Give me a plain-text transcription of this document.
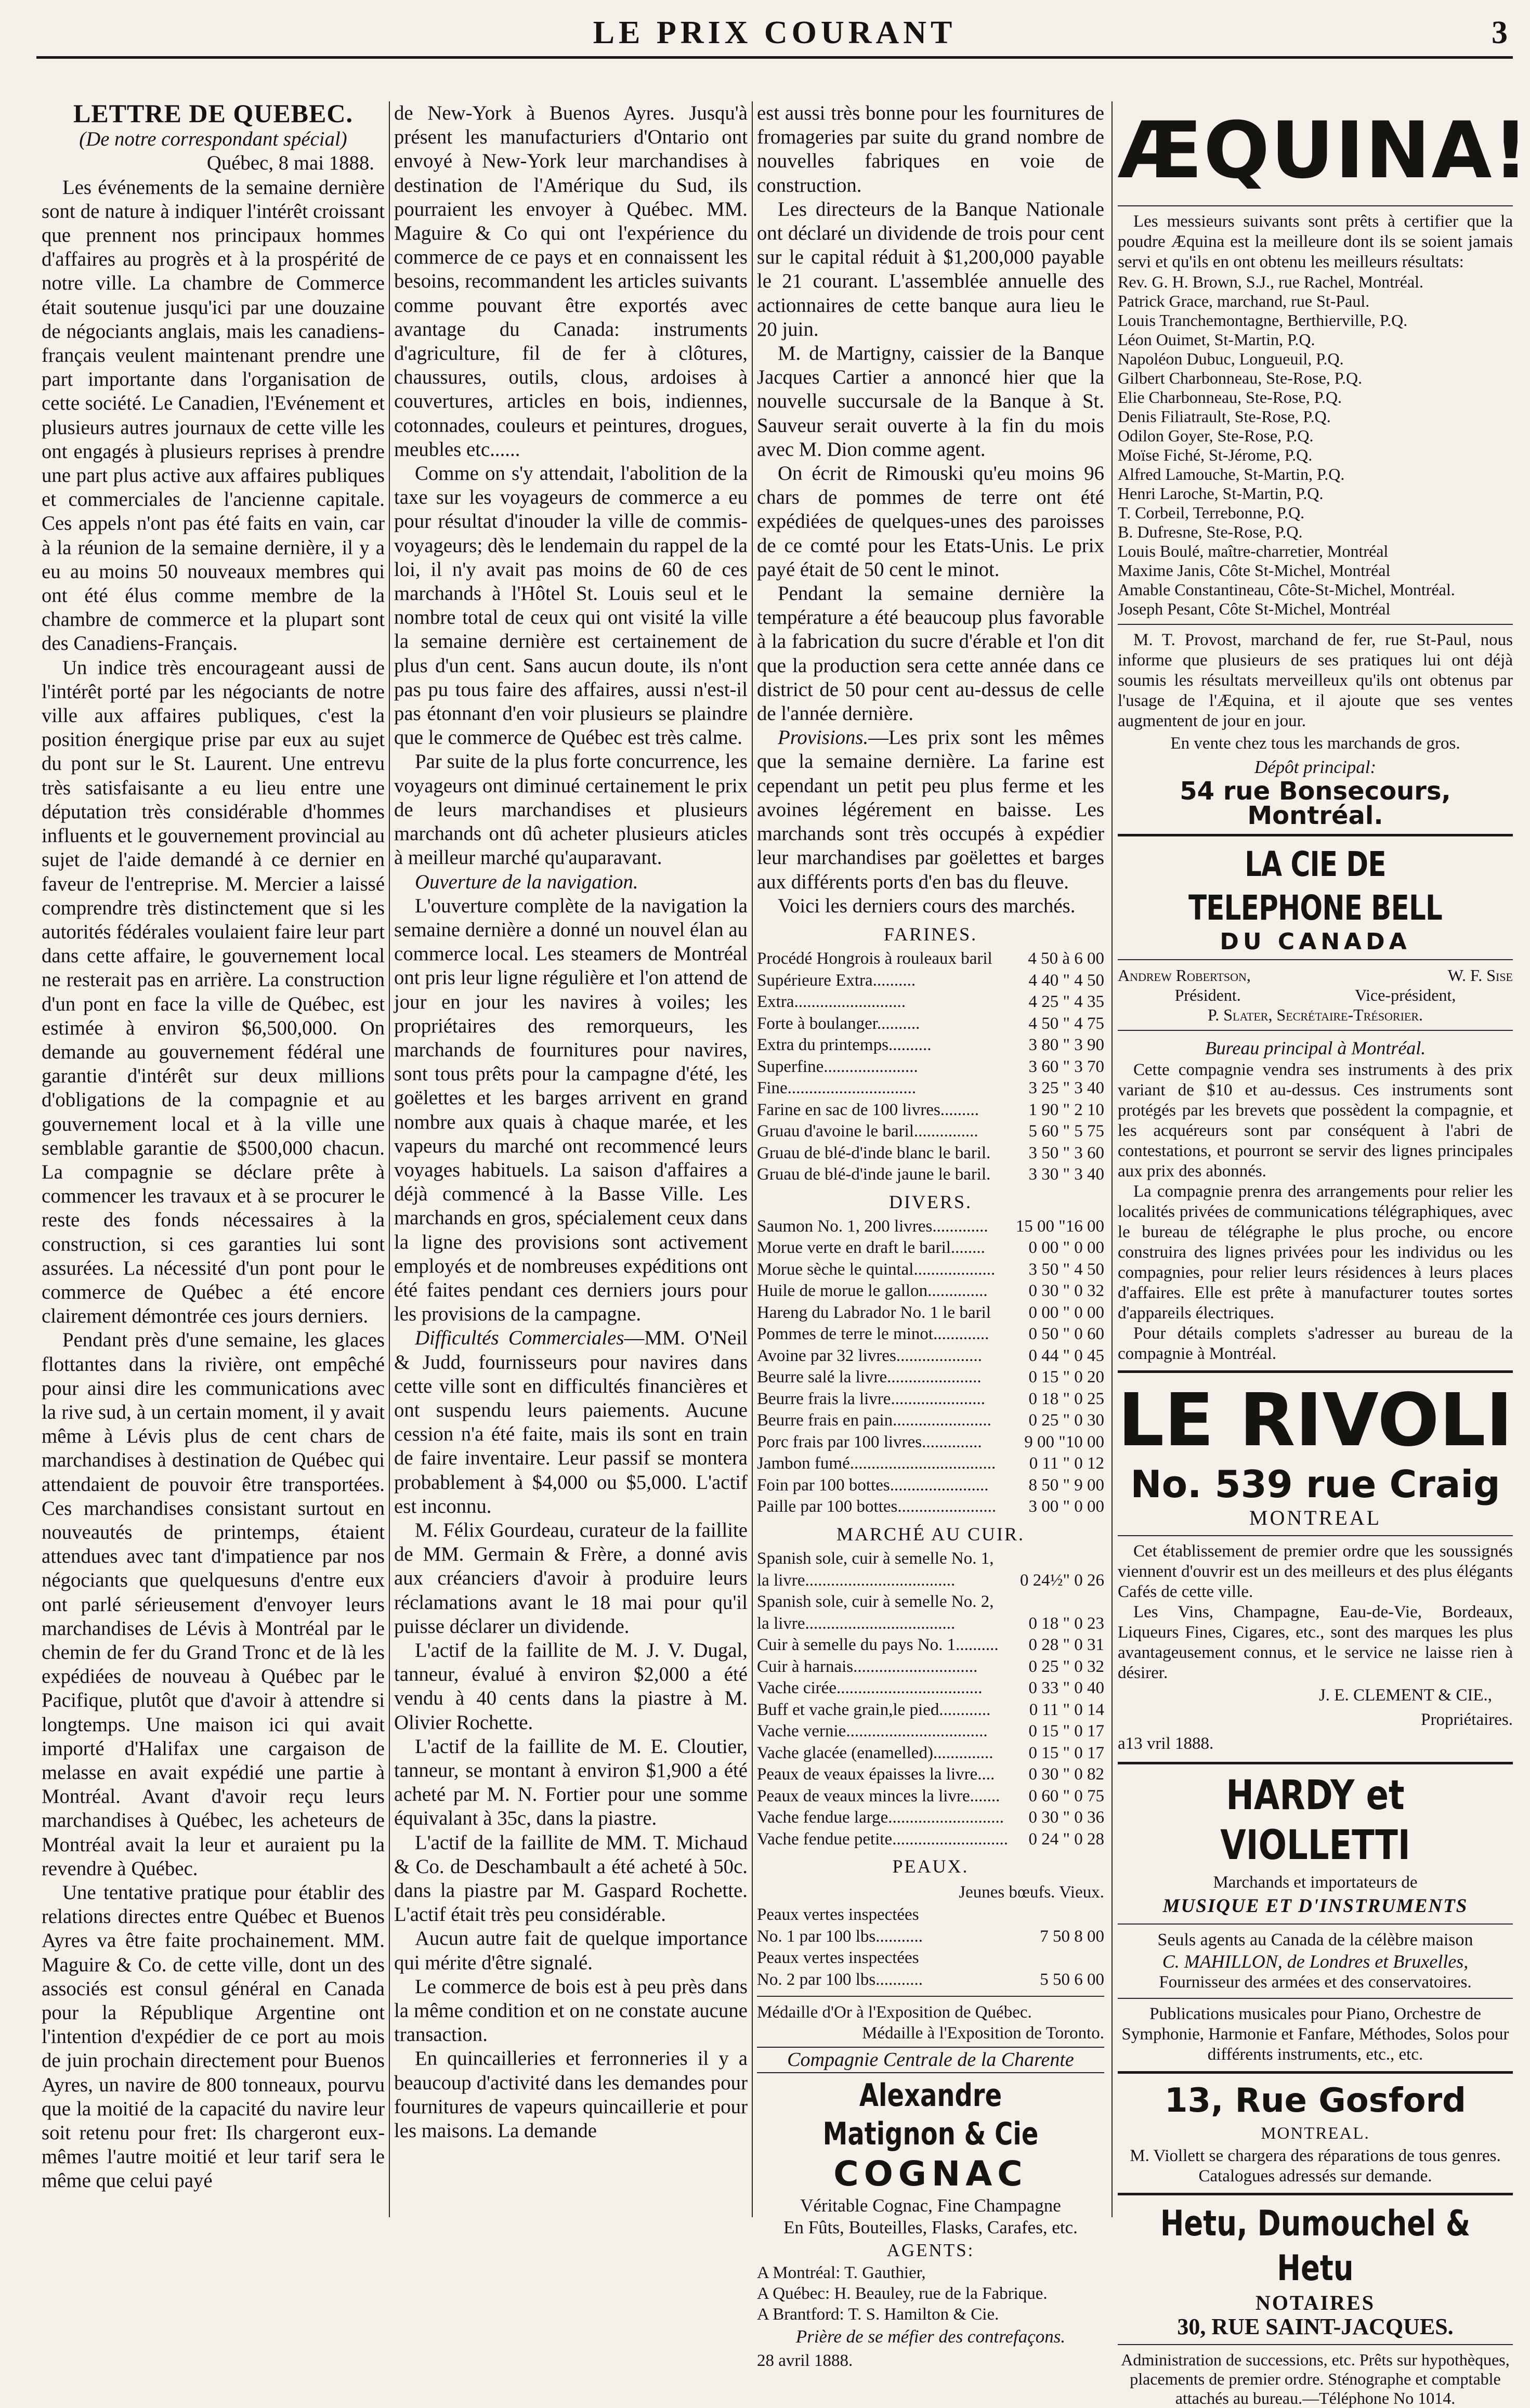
LE PRIX COURANT	3
LETTRE DE QUEBEC.
(De notre correspondant spécial)
Québec, 8 mai 1888.

Les événements de la semaine dernière sont de nature à indiquer l'intérêt croissant que prennent nos principaux hommes d'affaires au progrès et à la prospérité de notre ville. La chambre de Commerce était soutenue jusqu'ici par une douzaine de négociants anglais, mais les canadiens-français veulent maintenant prendre une part importante dans l'organisation de cette société. Le Canadien, l'Evénement et plusieurs autres journaux de cette ville les ont engagés à plusieurs reprises à prendre une part plus active aux affaires publiques et commerciales de l'ancienne capitale. Ces appels n'ont pas été faits en vain, car à la réunion de la semaine dernière, il y a eu au moins 50 nouveaux membres qui ont été élus comme membre de la chambre de commerce et la plupart sont des Canadiens-Français.

Un indice très encourageant aussi de l'intérêt porté par les négociants de notre ville aux affaires publiques, c'est la position énergique prise par eux au sujet du pont sur le St. Laurent. Une entrevu très satisfaisante a eu lieu entre une députation très considérable d'hommes influents et le gouvernement provincial au sujet de l'aide demandé à ce dernier en faveur de l'entreprise. M. Mercier a laissé comprendre très distinctement que si les autorités fédérales voulaient faire leur part dans cette affaire, le gouvernement local ne resterait pas en arrière. La construction d'un pont en face la ville de Québec, est estimée à environ $6,500,000. On demande au gouvernement fédéral une garantie d'intérêt sur deux millions d'obligations de la compagnie et au gouvernement local et à la ville une semblable garantie de $500,000 chacun. La compagnie se déclare prête à commencer les travaux et à se procurer le reste des fonds nécessaires à la construction, si ces garanties lui sont assurées. La nécessité d'un pont pour le commerce de Québec a été encore clairement démontrée ces jours derniers.

Pendant près d'une semaine, les glaces flottantes dans la rivière, ont empêché pour ainsi dire les communications avec la rive sud, à un certain moment, il y avait même à Lévis plus de cent chars de marchandises à destination de Québec qui attendaient de pouvoir être transportées. Ces marchandises consistant surtout en nouveautés de printemps, étaient attendues avec tant d'impatience par nos négociants que quelquesuns d'entre eux ont parlé sérieusement d'envoyer leurs marchandises de Lévis à Montréal par le chemin de fer du Grand Tronc et de là les expédiées de nouveau à Québec par le Pacifique, plutôt que d'avoir à attendre si longtemps. Une maison ici qui avait importé d'Halifax une cargaison de melasse en avait expédié une partie à Montréal. Avant d'avoir reçu leurs marchandises à Québec, les acheteurs de Montréal avait la leur et auraient pu la revendre à Québec.

Une tentative pratique pour établir des relations directes entre Québec et Buenos Ayres va être faite prochainement. MM. Maguire & Co. de cette ville, dont un des associés est consul général en Canada pour la République Argentine ont l'intention d'expédier de ce port au mois de juin prochain directement pour Buenos Ayres, un navire de 800 tonneaux, pourvu que la moitié de la capacité du navire leur soit retenu pour fret: Ils chargeront eux-mêmes l'autre moitié et leur tarif sera le même que celui payé

de New-York à Buenos Ayres. Jusqu'à présent les manufacturiers d'Ontario ont envoyé à New-York leur marchandises à destination de l'Amérique du Sud, ils pourraient les envoyer à Québec. MM. Maguire & Co qui ont l'expérience du commerce de ce pays et en connaissent les besoins, recommandent les articles suivants comme pouvant être exportés avec avantage du Canada: instruments d'agriculture, fil de fer à clôtures, chaussures, outils, clous, ardoises à couvertures, articles en bois, indiennes, cotonnades, couleurs et peintures, drogues, meubles etc......

Comme on s'y attendait, l'abolition de la taxe sur les voyageurs de commerce a eu pour résultat d'inouder la ville de commis-voyageurs; dès le lendemain du rappel de la loi, il n'y avait pas moins de 60 de ces marchands à l'Hôtel St. Louis seul et le nombre total de ceux qui ont visité la ville la semaine dernière est certainement de plus d'un cent. Sans aucun doute, ils n'ont pas pu tous faire des affaires, aussi n'est-il pas étonnant d'en voir plusieurs se plaindre que le commerce de Québec est très calme.

Par suite de la plus forte concurrence, les voyageurs ont diminué certainement le prix de leurs marchandises et plusieurs marchands ont dû acheter plusieurs aticles à meilleur marché qu'auparavant.

Ouverture de la navigation.

L'ouverture complète de la navigation la semaine dernière a donné un nouvel élan au commerce local. Les steamers de Montréal ont pris leur ligne régulière et l'on attend de jour en jour les navires à voiles; les propriétaires des remorqueurs, les marchands de fournitures pour navires, sont tous prêts pour la campagne d'été, les goëlettes et les barges arrivent en grand nombre aux quais à chaque marée, et les vapeurs du marché ont recommencé leurs voyages habituels. La saison d'affaires a déjà commencé à la Basse Ville. Les marchands en gros, spécialement ceux dans la ligne des provisions sont activement employés et de nombreuses expéditions ont été faites pendant ces derniers jours pour les provisions de la campagne.

Difficultés Commerciales—MM. O'Neil & Judd, fournisseurs pour navires dans cette ville sont en difficultés financières et ont suspendu leurs paiements. Aucune cession n'a été faite, mais ils sont en train de faire inventaire. Leur passif se montera probablement à $4,000 ou $5,000. L'actif est inconnu.

M. Félix Gourdeau, curateur de la faillite de MM. Germain & Frère, a donné avis aux créanciers d'avoir à produire leurs réclamations avant le 18 mai pour qu'il puisse déclarer un dividende.

L'actif de la faillite de M. J. V. Dugal, tanneur, évalué à environ $2,000 a été vendu à 40 cents dans la piastre à M. Olivier Rochette.

L'actif de la faillite de M. E. Cloutier, tanneur, se montant à environ $1,900 a été acheté par M. N. Fortier pour une somme équivalant à 35c, dans la piastre.

L'actif de la faillite de MM. T. Michaud & Co. de Deschambault a été acheté à 50c. dans la piastre par M. Gaspard Rochette. L'actif était très peu considérable.

Aucun autre fait de quelque importance qui mérite d'être signalé.

Le commerce de bois est à peu près dans la même condition et on ne constate aucune transaction.

En quincailleries et ferronneries il y a beaucoup d'activité dans les demandes pour fournitures de vapeurs quincaillerie et pour les maisons. La demande

est aussi très bonne pour les fournitures de fromageries par suite du grand nombre de nouvelles fabriques en voie de construction.

Les directeurs de la Banque Nationale ont déclaré un dividende de trois pour cent sur le capital réduit à $1,200,000 payable le 21 courant. L'assemblée annuelle des actionnaires de cette banque aura lieu le 20 juin.

M. de Martigny, caissier de la Banque Jacques Cartier a annoncé hier que la nouvelle succursale de la Banque à St. Sauveur serait ouverte à la fin du mois avec M. Dion comme agent.

On écrit de Rimouski qu'eu moins 96 chars de pommes de terre ont été expédiées de quelques-unes des paroisses de ce comté pour les Etats-Unis. Le prix payé était de 50 cent le minot.

Pendant la semaine dernière la température a été beaucoup plus favorable à la fabrication du sucre d'érable et l'on dit que la production sera cette année dans ce district de 50 pour cent au-dessus de celle de l'année dernière.

Provisions.—Les prix sont les mêmes que la semaine dernière. La farine est cependant un petit peu plus ferme et les avoines légérement en baisse. Les marchands sont très occupés à expédier leur marchandises par goëlettes et barges aux différents ports d'en bas du fleuve.

Voici les derniers cours des marchés.

FARINES.
Procédé Hongrois à rouleaux baril	4 50 à 6 00
Supérieure Extra..........	4 40 " 4 50
Extra..........................	4 25 " 4 35
Forte à boulanger..........	4 50 " 4 75
Extra du printemps..........	3 80 " 3 90
Superfine......................	3 60 " 3 70
Fine..............................	3 25 " 3 40
Farine en sac de 100 livres.........	1 90 " 2 10
Gruau d'avoine le baril...............	5 60 " 5 75
Gruau de blé-d'inde blanc le baril.	3 50 " 3 60
Gruau de blé-d'inde jaune le baril.	3 30 " 3 40
DIVERS.
Saumon No. 1, 200 livres.............	15 00 "16 00
Morue verte en draft le baril........	0 00 " 0 00
Morue sèche le quintal...................	3 50 " 4 50
Huile de morue le gallon..............	0 30 " 0 32
Hareng du Labrador No. 1 le baril	0 00 " 0 00
Pommes de terre le minot.............	0 50 " 0 60
Avoine par 32 livres....................	0 44 " 0 45
Beurre salé la livre......................	0 15 " 0 20
Beurre frais la livre......................	0 18 " 0 25
Beurre frais en pain.......................	0 25 " 0 30
Porc frais par 100 livres..............	9 00 "10 00
Jambon fumé..................................	0 11 " 0 12
Foin par 100 bottes.......................	8 50 " 9 00
Paille par 100 bottes.......................	3 00 " 0 00
MARCHÉ AU CUIR.
Spanish sole, cuir à semelle No. 1,
la livre...................................	0 24½" 0 26
Spanish sole, cuir à semelle No. 2,
la livre...................................	0 18 " 0 23
Cuir à semelle du pays No. 1..........	0 28 " 0 31
Cuir à harnais.............................	0 25 " 0 32
Vache cirée..................................	0 33 " 0 40
Buff et vache grain,le pied............	0 11 " 0 14
Vache vernie.................................	0 15 " 0 17
Vache glacée (enamelled)..............	0 15 " 0 17
Peaux de veaux épaisses la livre....	0 30 " 0 82
Peaux de veaux minces la livre.......	0 60 " 0 75
Vache fendue large...........................	0 30 " 0 36
Vache fendue petite...........................	0 24 " 0 28
PEAUX.
Jeunes bœufs. Vieux.
Peaux vertes inspectées
No. 1 par 100 lbs...........	7 50 8 00
Peaux vertes inspectées
No. 2 par 100 lbs...........	5 50 6 00
Médaille d'Or à l'Exposition de Québec.
Médaille à l'Exposition de Toronto.
Compagnie Centrale de la Charente
Alexandre Matignon & Cie
COGNAC
Véritable Cognac, Fine Champagne
En Fûts, Bouteilles, Flasks, Carafes, etc.
AGENTS:
A Montréal: T. Gauthier,
A Québec: H. Beauley, rue de la Fabrique.
A Brantford: T. S. Hamilton & Cie.
Prière de se méfier des contrefaçons.
28 avril 1888.
ÆQUINA!

Les messieurs suivants sont prêts à certifier que la poudre Æquina est la meilleure dont ils se soient jamais servi et qu'ils en ont obtenu les meilleurs résultats:

Rev. G. H. Brown, S.J., rue Rachel, Montréal.
Patrick Grace, marchand, rue St-Paul.
Louis Tranchemontagne, Berthierville, P.Q.
Léon Ouimet, St-Martin, P.Q.
Napoléon Dubuc, Longueuil, P.Q.
Gilbert Charbonneau, Ste-Rose, P.Q.
Elie Charbonneau, Ste-Rose, P.Q.
Denis Filiatrault, Ste-Rose, P.Q.
Odilon Goyer, Ste-Rose, P.Q.
Moïse Fiché, St-Jérome, P.Q.
Alfred Lamouche, St-Martin, P.Q.
Henri Laroche, St-Martin, P.Q.
T. Corbeil, Terrebonne, P.Q.
B. Dufresne, Ste-Rose, P.Q.
Louis Boulé, maître-charretier, Montréal
Maxime Janis, Côte St-Michel, Montréal
Amable Constantineau, Côte-St-Michel, Montréal.
Joseph Pesant, Côte St-Michel, Montréal

M. T. Provost, marchand de fer, rue St-Paul, nous informe que plusieurs de ses pratiques lui ont déjà soumis les résultats merveilleux qu'ils ont obtenus par l'usage de l'Æquina, et il ajoute que ses ventes augmentent de jour en jour.

En vente chez tous les marchands de gros.
Dépôt principal:
54 rue Bonsecours, Montréal.
LA CIE DE TELEPHONE BELL
DU CANADA
Andrew Robertson,	W. F. Sise
Président.	Vice-président,
P. Slater, Secrétaire-Trésorier.
Bureau principal à Montréal.

Cette compagnie vendra ses instruments à des prix variant de $10 et au-dessus. Ces instruments sont protégés par les brevets que possèdent la compagnie, et les acquéreurs sont par conséquent à l'abri de contestations, et pourront se servir des lignes principales aux prix des abonnés.

La compagnie prenra des arrangements pour relier les localités privées de communications télégraphiques, avec le bureau de télégraphe le plus proche, ou encore construira des lignes privées pour les individus ou les compagnies, pour relier leurs résidences à leurs places d'affaires. Elle est prête à manufacturer toutes sortes d'appareils électriques.

Pour détails complets s'adresser au bureau de la compagnie à Montréal.

LE RIVOLI
No. 539 rue Craig
MONTREAL

Cet établissement de premier ordre que les soussignés viennent d'ouvrir est un des meilleurs et des plus élégants Cafés de cette ville.

Les Vins, Champagne, Eau-de-Vie, Bordeaux, Liqueurs Fines, Cigares, etc., sont des marques les plus avantageusement connus, et le service ne laisse rien à désirer.

J. E. CLEMENT & CIE.,
Propriétaires.
a13 vril 1888.
HARDY et VIOLLETTI
Marchands et importateurs de
MUSIQUE ET D'INSTRUMENTS
Seuls agents au Canada de la célèbre maison
C. MAHILLON, de Londres et Bruxelles,
Fournisseur des armées et des conservatoires.
Publications musicales pour Piano, Orchestre de Symphonie, Harmonie et Fanfare, Méthodes, Solos pour différents instruments, etc., etc.
13, Rue Gosford
MONTREAL.
M. Viollett se chargera des réparations de tous genres. Catalogues adressés sur demande.
Hetu, Dumouchel & Hetu
NOTAIRES
30, RUE SAINT-JACQUES.
Administration de successions, etc. Prêts sur hypothèques, placements de premier ordre. Sténographe et comptable attachés au bureau.—Téléphone No 1014.
